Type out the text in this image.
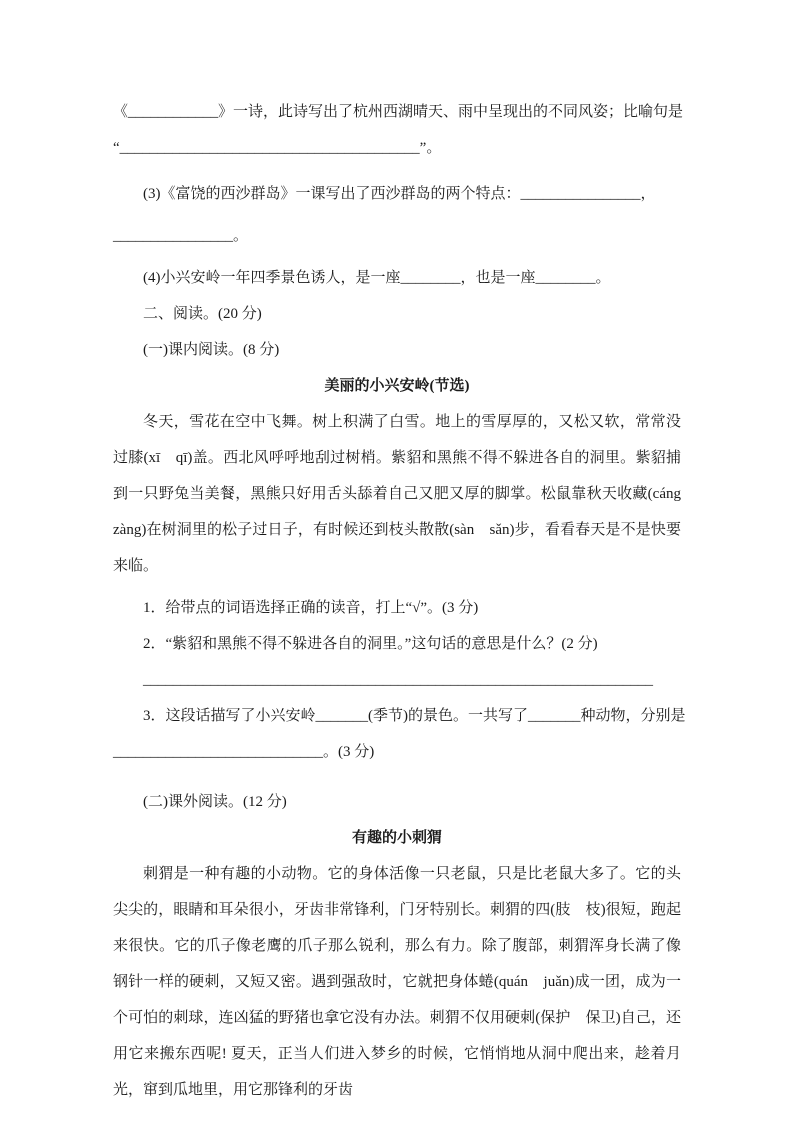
《____________》一诗，此诗写出了杭州西湖晴天、雨中呈现出的不同风姿；比喻句是

“________________________________________”。

(3)《富饶的西沙群岛》一课写出了西沙群岛的两个特点：________________，

________________。

(4)小兴安岭一年四季景色诱人，是一座________，也是一座________。

二、阅读。(20 分)

(一)课内阅读。(8 分)

美丽的小兴安岭(节选)

冬天，雪花在空中飞舞。树上积满了白雪。地上的雪厚厚的，又松又软，常常没过膝(xī　qī)盖。西北风呼呼地刮过树梢。紫貂和黑熊不得不躲进各自的洞里。紫貂捕到一只野兔当美餐，黑熊只好用舌头舔着自己又肥又厚的脚掌。松鼠靠秋天收藏(cáng　zàng)在树洞里的松子过日子，有时候还到枝头散散(sàn　sǎn)步，看看春天是不是快要来临。

1．给带点的词语选择正确的读音，打上“√”。(3 分)

2．“紫貂和黑熊不得不躲进各自的洞里。”这句话的意思是什么？(2 分)

____________________________________________________________________

3．这段话描写了小兴安岭_______(季节)的景色。一共写了_______种动物，分别是

____________________________。(3 分)

(二)课外阅读。(12 分)

有趣的小刺猬

刺猬是一种有趣的小动物。它的身体活像一只老鼠，只是比老鼠大多了。它的头尖尖的，眼睛和耳朵很小，牙齿非常锋利，门牙特别长。刺猬的四(肢　枝)很短，跑起来很快。它的爪子像老鹰的爪子那么锐利，那么有力。除了腹部，刺猬浑身长满了像钢针一样的硬刺，又短又密。遇到强敌时，它就把身体蜷(quán　juǎn)成一团，成为一个可怕的刺球，连凶猛的野猪也拿它没有办法。刺猬不仅用硬刺(保护　保卫)自己，还用它来搬东西呢! 夏天，正当人们进入梦乡的时候，它悄悄地从洞中爬出来，趁着月光，窜到瓜地里，用它那锋利的牙齿
